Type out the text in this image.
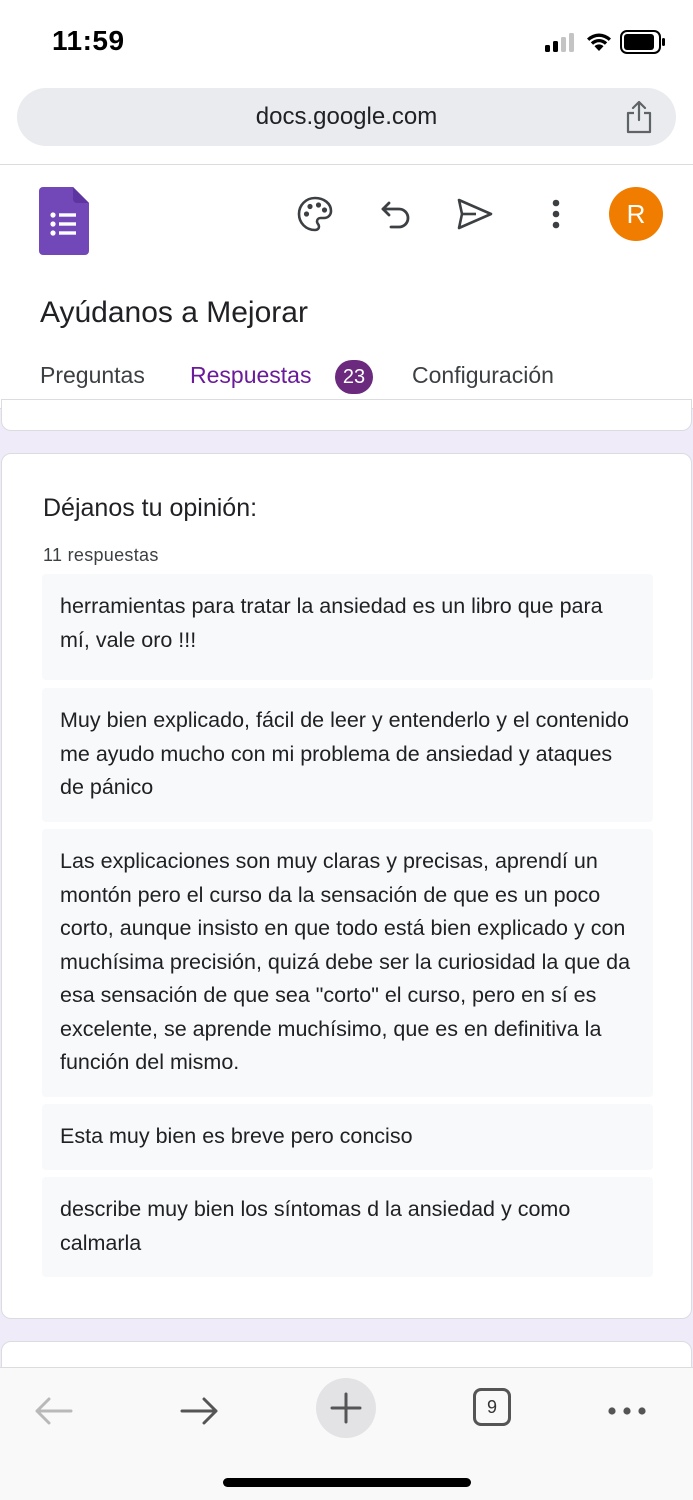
11:59
docs.google.com
R
Ayúdanos a Mejorar
Preguntas Respuestas	23	Configuración
Déjanos tu opinión:
11 respuestas
herramientas para tratar la ansiedad es un libro que para mí, vale oro !!!
Muy bien explicado, fácil de leer y entenderlo y el contenido me ayudo mucho con mi problema de ansiedad y ataques de pánico
Las explicaciones son muy claras y precisas, aprendí un montón pero el curso da la sensación de que es un poco corto, aunque insisto en que todo está bien explicado y con muchísima precisión, quizá debe ser la curiosidad la que da esa sensación de que sea "corto" el curso, pero en sí es excelente, se aprende muchísimo, que es en definitiva la función del mismo.
Esta muy bien es breve pero conciso
describe muy bien los síntomas d la ansiedad y como calmarla
9
